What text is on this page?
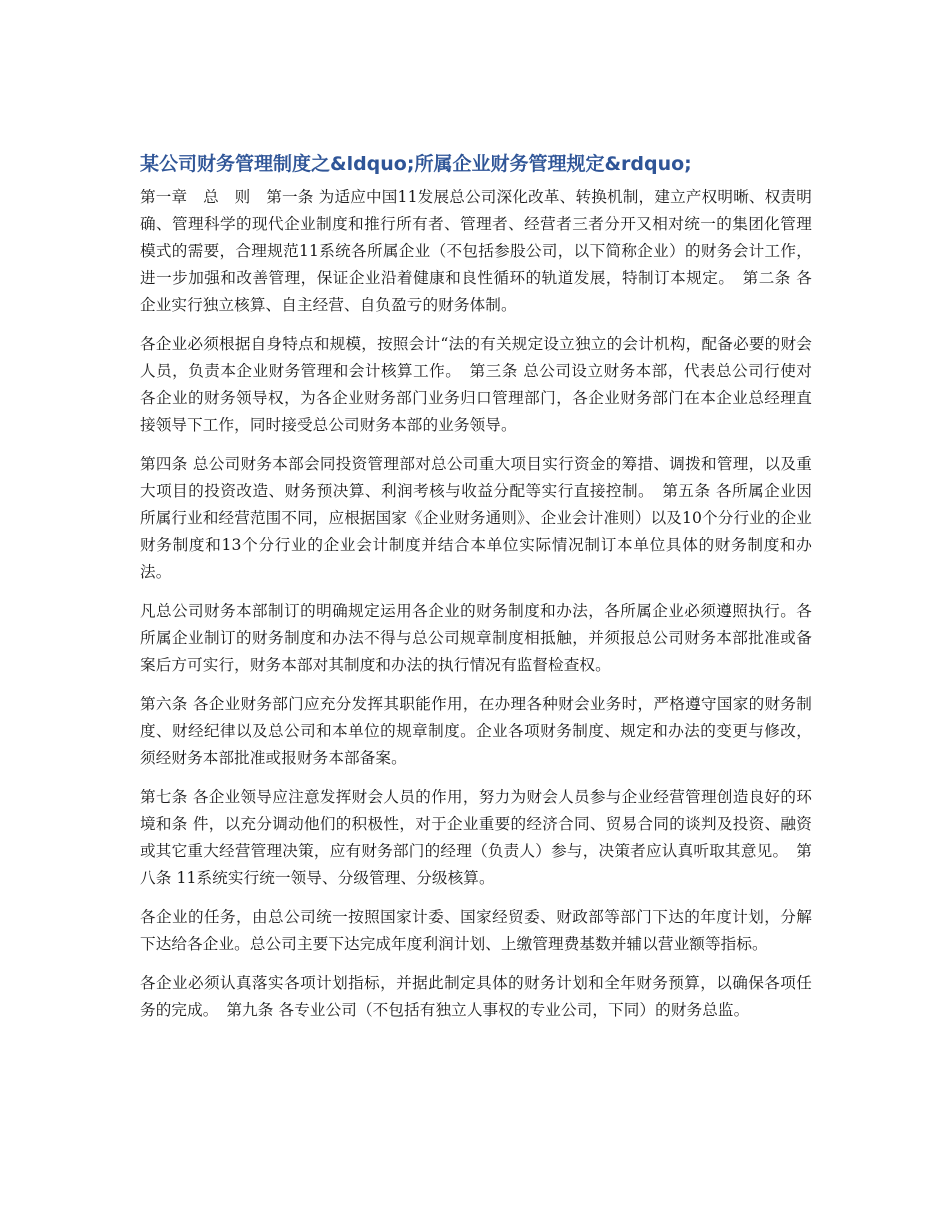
某公司财务管理制度之&ldquo;所属企业财务管理规定&rdquo;

第一章　总　则　第一条 为适应中国11发展总公司深化改革、转换机制，建立产权明晰、权责明确、管理科学的现代企业制度和推行所有者、管理者、经营者三者分开又相对统一的集团化管理模式的需要，合理规范11系统各所属企业（不包括参股公司，以下简称企业）的财务会计工作，进一步加强和改善管理，保证企业沿着健康和良性循环的轨道发展，特制订本规定。　第二条 各企业实行独立核算、自主经营、自负盈亏的财务体制。

各企业必须根据自身特点和规模，按照会计“法的有关规定设立独立的会计机构，配备必要的财会人员，负责本企业财务管理和会计核算工作。　第三条 总公司设立财务本部，代表总公司行使对各企业的财务领导权，为各企业财务部门业务归口管理部门，各企业财务部门在本企业总经理直接领导下工作，同时接受总公司财务本部的业务领导。

第四条 总公司财务本部会同投资管理部对总公司重大项目实行资金的筹措、调拨和管理，以及重大项目的投资改造、财务预决算、利润考核与收益分配等实行直接控制。　第五条 各所属企业因所属行业和经营范围不同，应根据国家《企业财务通则》、企业会计准则）以及10个分行业的企业财务制度和13个分行业的企业会计制度并结合本单位实际情况制订本单位具体的财务制度和办法。

凡总公司财务本部制订的明确规定运用各企业的财务制度和办法，各所属企业必须遵照执行。各所属企业制订的财务制度和办法不得与总公司规章制度相抵触，并须报总公司财务本部批准或备案后方可实行，财务本部对其制度和办法的执行情况有监督检查权。

第六条 各企业财务部门应充分发挥其职能作用，在办理各种财会业务时，严格遵守国家的财务制度、财经纪律以及总公司和本单位的规章制度。企业各项财务制度、规定和办法的变更与修改，须经财务本部批准或报财务本部备案。

第七条 各企业领导应注意发挥财会人员的作用，努力为财会人员参与企业经营管理创造良好的环境和条 件，以充分调动他们的积极性，对于企业重要的经济合同、贸易合同的谈判及投资、融资或其它重大经营管理决策，应有财务部门的经理（负责人）参与，决策者应认真听取其意见。　第八条 11系统实行统一领导、分级管理、分级核算。

各企业的任务，由总公司统一按照国家计委、国家经贸委、财政部等部门下达的年度计划，分解下达给各企业。总公司主要下达完成年度利润计划、上缴管理费基数并辅以营业额等指标。

各企业必须认真落实各项计划指标，并据此制定具体的财务计划和全年财务预算，以确保各项任务的完成。　第九条 各专业公司（不包括有独立人事权的专业公司，下同）的财务总监。
